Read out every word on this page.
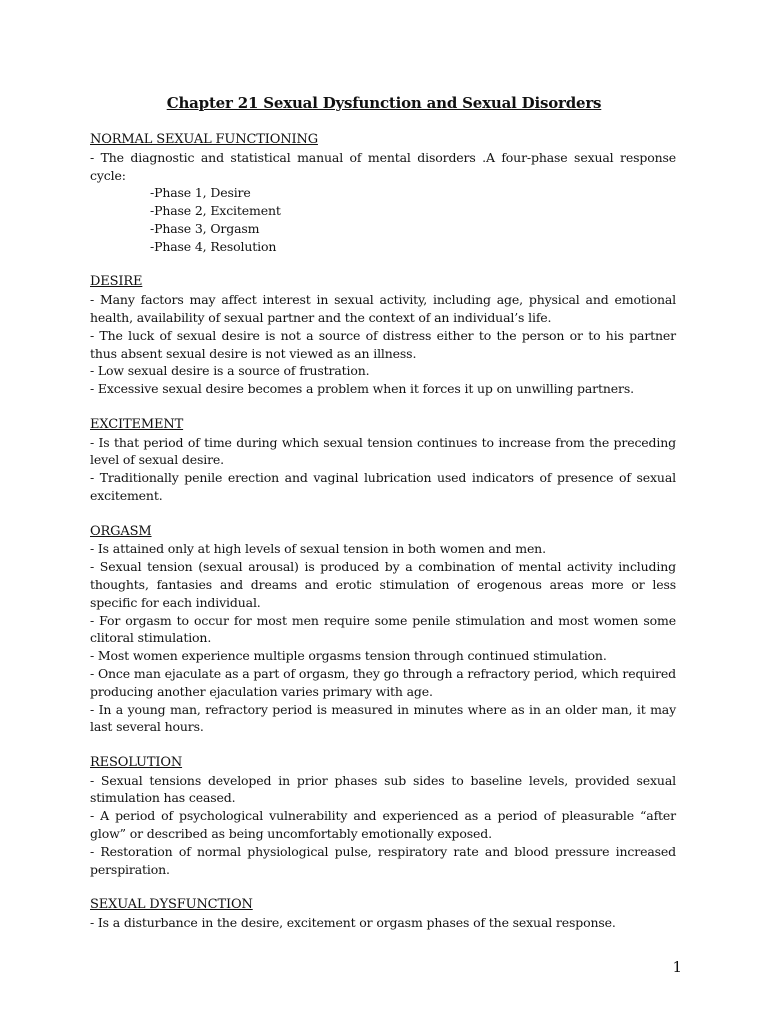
Chapter 21 Sexual Dysfunction and Sexual Disorders
NORMAL SEXUAL FUNCTIONING
- The diagnostic and statistical manual of mental disorders .A four-phase sexual response cycle:
-Phase 1, Desire
-Phase 2, Excitement
-Phase 3, Orgasm
-Phase 4, Resolution
DESIRE
- Many factors may affect interest in sexual activity, including age, physical and emotional health, availability of sexual partner and the context of an individual’s life.
- The luck of sexual desire is not a source of distress either to the person or to his partner thus absent sexual desire is not viewed as an illness.
- Low sexual desire is a source of frustration.
- Excessive sexual desire becomes a problem when it forces it up on unwilling partners.
EXCITEMENT
- Is that period of time during which sexual tension continues to increase from the preceding level of sexual desire.
- Traditionally penile erection and vaginal lubrication used indicators of presence of sexual excitement.
ORGASM
- Is attained only at high levels of sexual tension in both women and men.
- Sexual tension (sexual arousal) is produced by a combination of mental activity including thoughts, fantasies and dreams and erotic stimulation of erogenous areas more or less specific for each individual.
- For orgasm to occur for most men require some penile stimulation and most women some clitoral stimulation.
- Most women experience multiple orgasms tension through continued stimulation.
- Once man ejaculate as a part of orgasm, they go through a refractory period, which required producing another ejaculation varies primary with age.
- In a young man, refractory period is measured in minutes where as in an older man, it may last several hours.
RESOLUTION
- Sexual tensions developed in prior phases sub sides to baseline levels, provided sexual stimulation has ceased.
- A period of psychological vulnerability and experienced as a period of pleasurable “after glow” or described as being uncomfortably emotionally exposed.
- Restoration of normal physiological pulse, respiratory rate and blood pressure increased perspiration.
SEXUAL DYSFUNCTION
- Is a disturbance in the desire, excitement or orgasm phases of the sexual response.
1
